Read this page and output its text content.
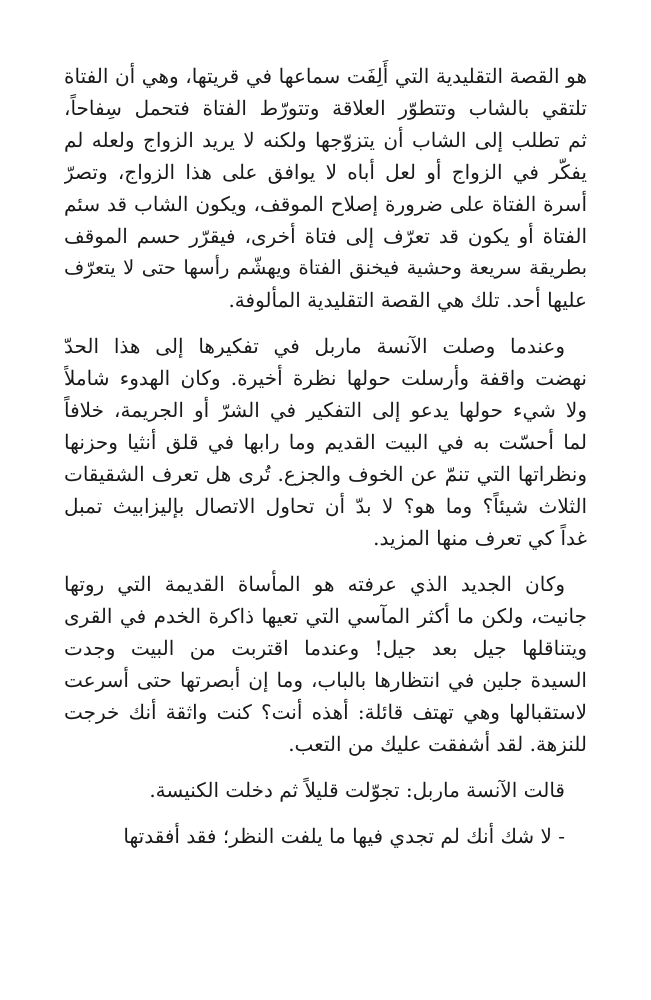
هو القصة التقليدية التي أَلِفَت سماعها في قريتها، وهي أن الفتاة
تلتقي بالشاب وتتطوّر العلاقة وتتورّط الفتاة فتحمل سِفاحاً،
ثم تطلب إلى الشاب أن يتزوّجها ولكنه لا يريد الزواج ولعله لم
يفكّر في الزواج أو لعل أباه لا يوافق على هذا الزواج، وتصرّ
أسرة الفتاة على ضرورة إصلاح الموقف، ويكون الشاب قد سئم
الفتاة أو يكون قد تعرّف إلى فتاة أخرى، فيقرّر حسم الموقف
بطريقة سريعة وحشية فيخنق الفتاة ويهشّم رأسها حتى لا يتعرّف
عليها أحد. تلك هي القصة التقليدية المألوفة.
وعندما وصلت الآنسة ماربل في تفكيرها إلى هذا الحدّ
نهضت واقفة وأرسلت حولها نظرة أخيرة. وكان الهدوء شاملاً
ولا شيء حولها يدعو إلى التفكير في الشرّ أو الجريمة، خلافاً
لما أحسّت به في البيت القديم وما رابها في قلق أنثيا وحزنها
ونظراتها التي تنمّ عن الخوف والجزع. تُرى هل تعرف الشقيقات
الثلاث شيئاً؟ وما هو؟ لا بدّ أن تحاول الاتصال بإليزابيث تمبل
غداً كي تعرف منها المزيد.
وكان الجديد الذي عرفته هو المأساة القديمة التي روتها
جانيت، ولكن ما أكثر المآسي التي تعيها ذاكرة الخدم في القرى
ويتناقلها جيل بعد جيل! وعندما اقتربت من البيت وجدت
السيدة جلين في انتظارها بالباب، وما إن أبصرتها حتى أسرعت
لاستقبالها وهي تهتف قائلة: أهذه أنت؟ كنت واثقة أنك خرجت
للنزهة. لقد أشفقت عليك من التعب.
قالت الآنسة ماربل: تجوّلت قليلاً ثم دخلت الكنيسة.
- لا شك أنك لم تجدي فيها ما يلفت النظر؛ فقد أفقدتها
